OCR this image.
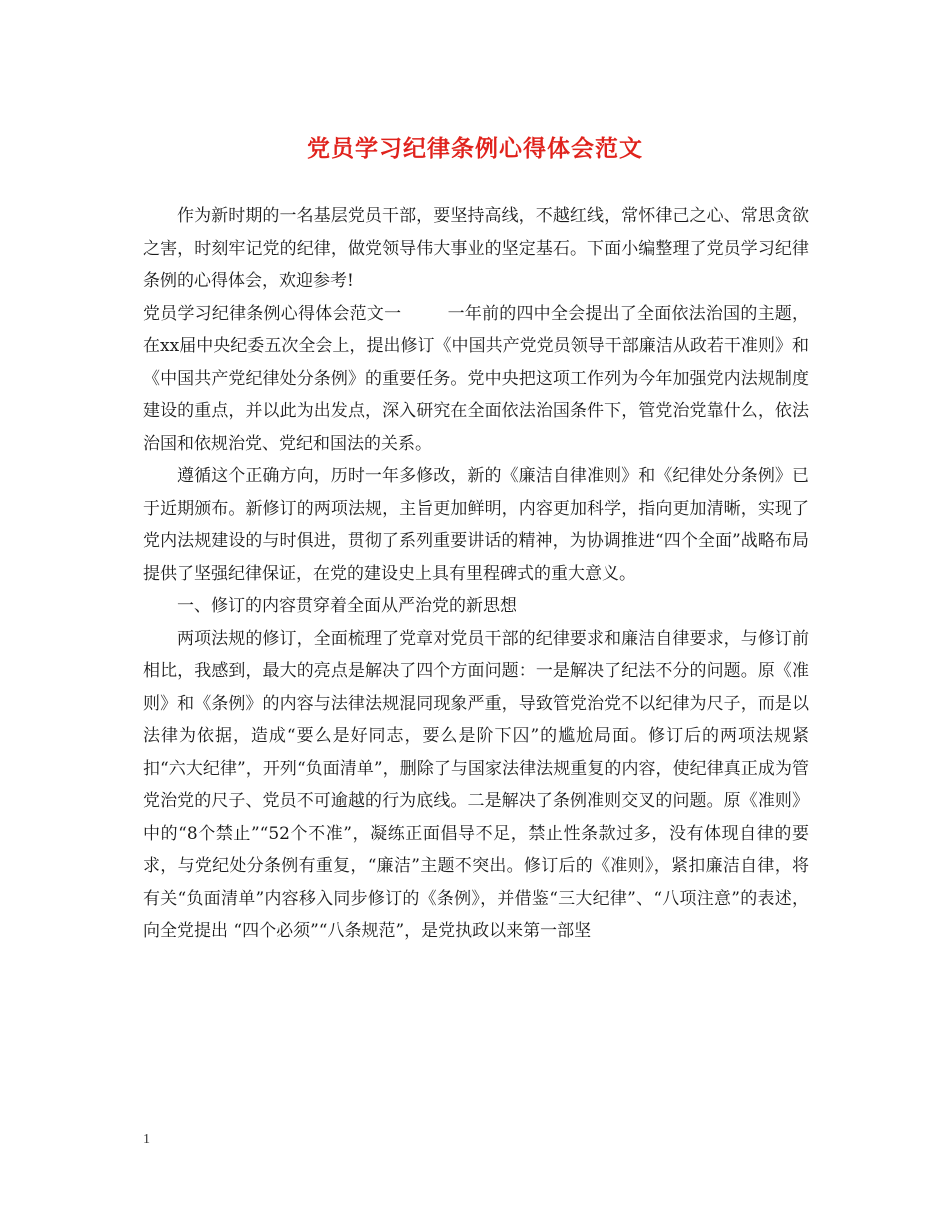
党员学习纪律条例心得体会范文

作为新时期的一名基层党员干部，要坚持高线，不越红线，常怀律己之心、常思贪欲之害，时刻牢记党的纪律，做党领导伟大事业的坚定基石。下面小编整理了党员学习纪律条例的心得体会，欢迎参考!

党员学习纪律条例心得体会范文一	一年前的四中全会提出了全面依法治国的主题，在xx届中央纪委五次全会上，提出修订《中国共产党党员领导干部廉洁从政若干准则》和《中国共产党纪律处分条例》的重要任务。党中央把这项工作列为今年加强党内法规制度建设的重点，并以此为出发点，深入研究在全面依法治国条件下，管党治党靠什么，依法治国和依规治党、党纪和国法的关系。

遵循这个正确方向，历时一年多修改，新的《廉洁自律准则》和《纪律处分条例》已于近期颁布。新修订的两项法规，主旨更加鲜明，内容更加科学，指向更加清晰，实现了党内法规建设的与时俱进，贯彻了系列重要讲话的精神，为协调推进“四个全面”战略布局提供了坚强纪律保证，在党的建设史上具有里程碑式的重大意义。

一、修订的内容贯穿着全面从严治党的新思想

两项法规的修订，全面梳理了党章对党员干部的纪律要求和廉洁自律要求，与修订前相比，我感到，最大的亮点是解决了四个方面问题：一是解决了纪法不分的问题。原《准则》和《条例》的内容与法律法规混同现象严重，导致管党治党不以纪律为尺子，而是以法律为依据，造成“要么是好同志，要么是阶下囚”的尴尬局面。修订后的两项法规紧扣“六大纪律”，开列“负面清单”，删除了与国家法律法规重复的内容，使纪律真正成为管党治党的尺子、党员不可逾越的行为底线。二是解决了条例准则交叉的问题。原《准则》中的“8个禁止”“52个不准”，凝练正面倡导不足，禁止性条款过多，没有体现自律的要求，与党纪处分条例有重复，“廉洁”主题不突出。修订后的《准则》，紧扣廉洁自律，将有关“负面清单”内容移入同步修订的《条例》，并借鉴“三大纪律”、“八项注意”的表述，向全党提出 “四个必须”“八条规范”，是党执政以来第一部坚

1
